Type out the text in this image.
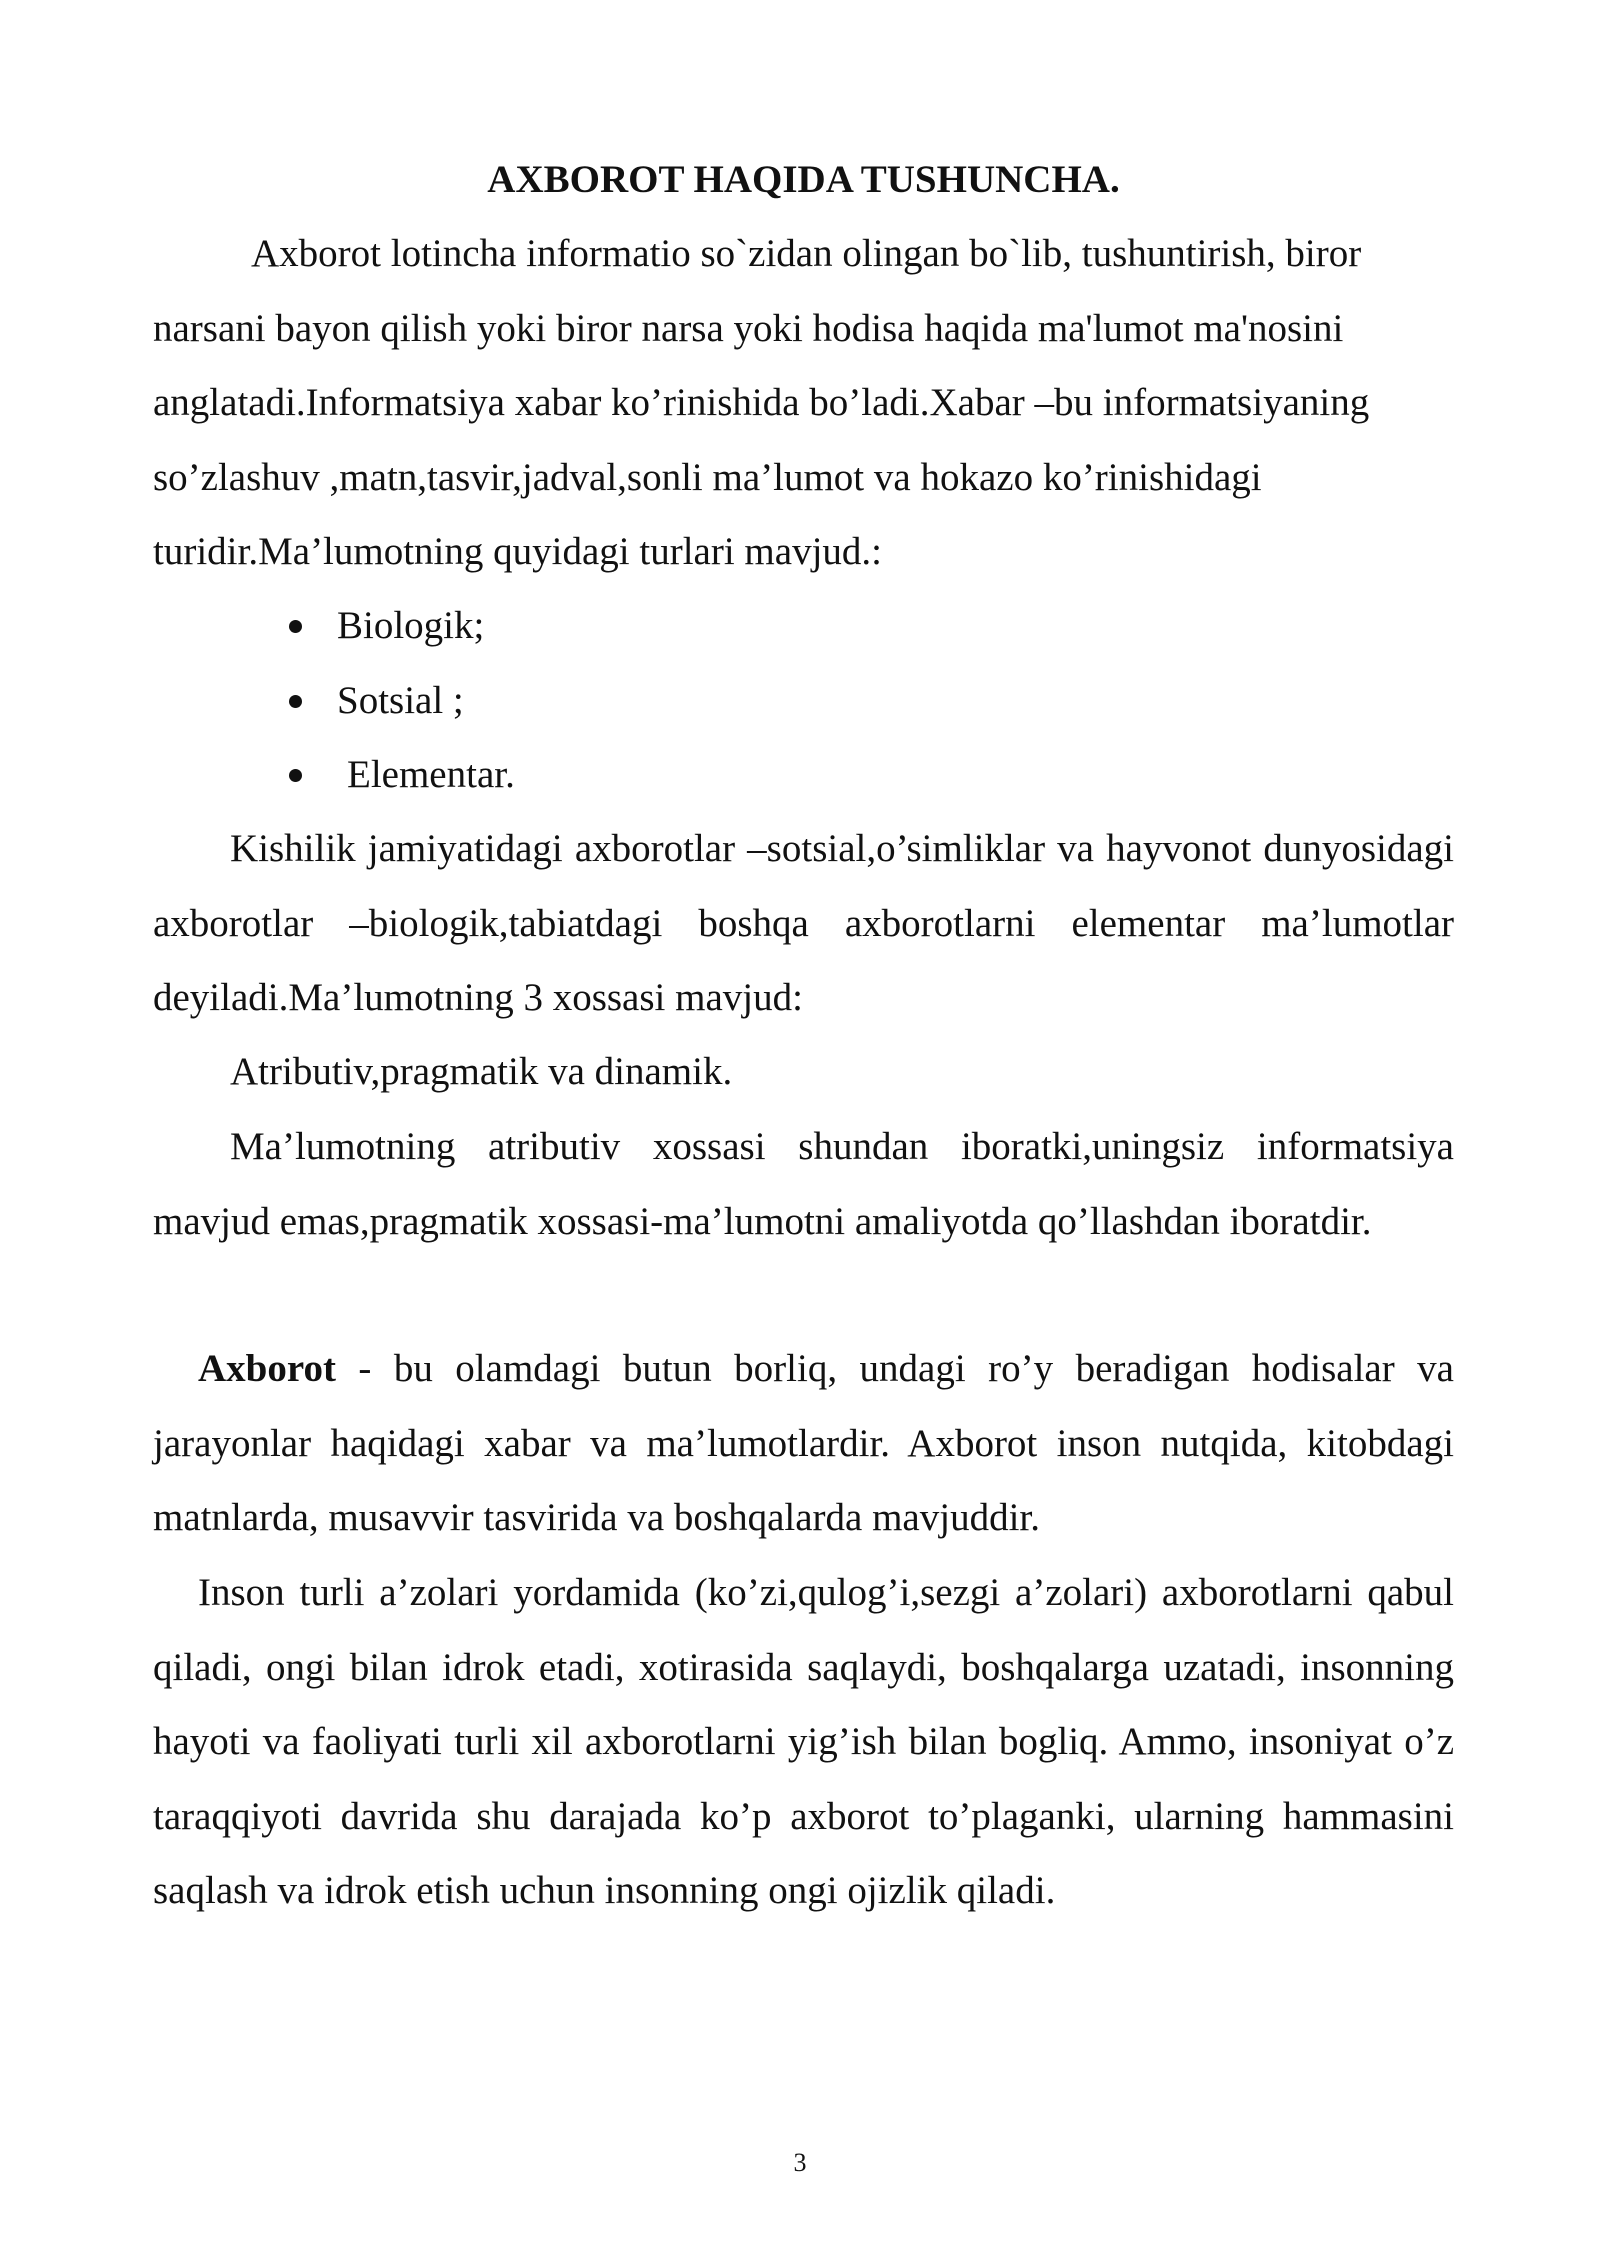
AXBOROT HAQIDA TUSHUNCHA.

Axborot lotincha informatio so`zidan olingan bo`lib, tushuntirish, biror narsani bayon qilish yoki biror narsa yoki hodisa haqida ma'lumot ma'nosini anglatadi.Informatsiya xabar ko’rinishida bo’ladi.Xabar –bu informatsiyaning so’zlashuv ,matn,tasvir,jadval,sonli ma’lumot va hokazo ko’rinishidagi turidir.Ma’lumotning quyidagi turlari mavjud.:

Biologik;
Sotsial ;
Elementar.

Kishilik jamiyatidagi axborotlar –sotsial,o’simliklar va hayvonot dunyosidagi axborotlar –biologik,tabiatdagi boshqa axborotlarni elementar ma’lumotlar deyiladi.Ma’lumotning 3 xossasi mavjud:

Atributiv,pragmatik va dinamik.

Ma’lumotning atributiv xossasi shundan iboratki,uningsiz informatsiya mavjud emas,pragmatik xossasi-ma’lumotni amaliyotda qo’llashdan iboratdir.

Axborot - bu olamdagi butun borliq, undagi ro’y beradigan hodisalar va jarayonlar haqidagi xabar va ma’lumotlardir. Axborot inson nutqida, kitobdagi matnlarda, musavvir tasvirida va boshqalarda mavjuddir.

Inson turli a’zolari yordamida (ko’zi,qulog’i,sezgi a’zolari) axborotlarni qabul qiladi, ongi bilan idrok etadi, xotirasida saqlaydi, boshqalarga uzatadi, insonning hayoti va faoliyati turli xil axborotlarni yig’ish bilan bogliq. Ammo, insoniyat o’z taraqqiyoti davrida shu darajada ko’p axborot to’plaganki, ularning hammasini saqlash va idrok etish uchun insonning ongi ojizlik qiladi.

3
